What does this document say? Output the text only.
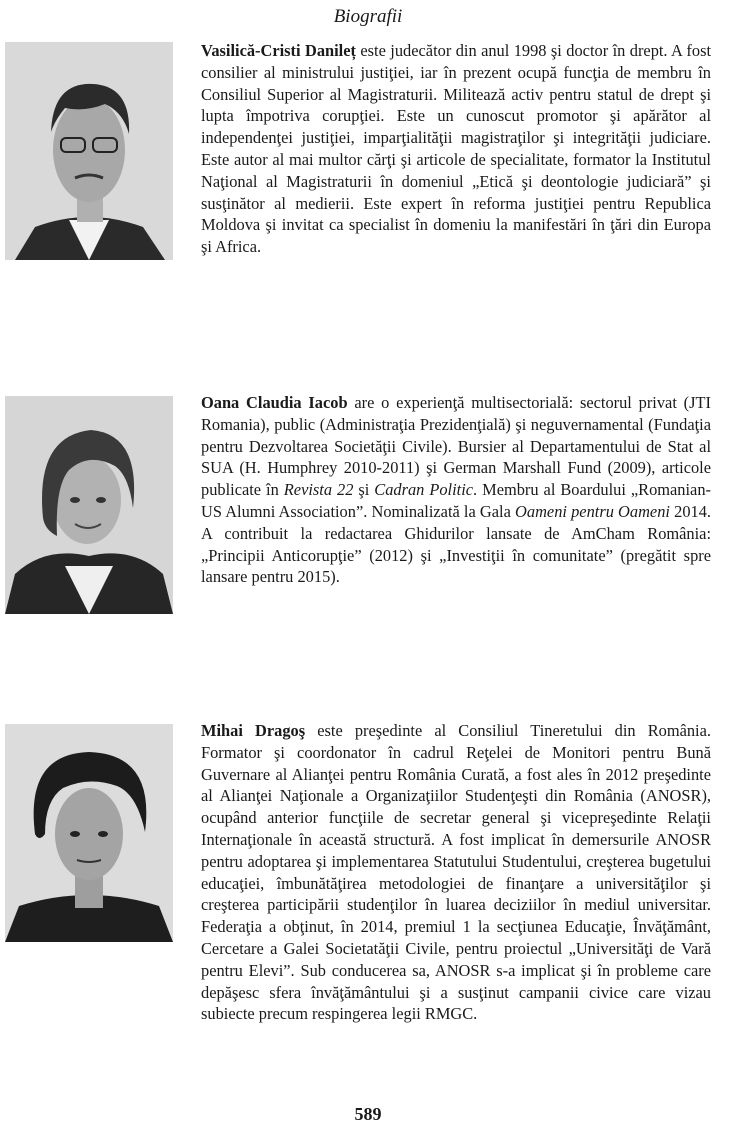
Biografii

Vasilică-Cristi Danileț este judecător din anul 1998 şi doctor în drept. A fost consilier al ministrului justiţiei, iar în prezent ocupă funcţia de membru în Consiliul Superior al Magistraturii. Militează activ pentru statul de drept şi lupta împotriva corupţiei. Este un cunoscut promotor şi apărător al independenţei justiţiei, imparţialităţii magistraţilor şi integrităţii judiciare. Este autor al mai multor cărţi şi articole de specialitate, formator la Institutul Naţional al Magistraturii în domeniul „Etică şi deontologie judiciară” şi susţinător al medierii. Este expert în reforma justiţiei pentru Republica Moldova şi invitat ca specialist în domeniu la manifestări în ţări din Europa şi Africa.

Oana Claudia Iacob are o experienţă multisectorială: sectorul privat (JTI Romania), public (Administraţia Prezidenţială) şi neguvernamental (Fundaţia pentru Dezvoltarea Societăţii Civile). Bursier al Departamentului de Stat al SUA (H. Humphrey 2010-2011) şi German Marshall Fund (2009), articole publicate în Revista 22 şi Cadran Politic. Membru al Boardului „Romanian-US Alumni Association”. Nominalizată la Gala Oameni pentru Oameni 2014. A contribuit la redactarea Ghidurilor lansate de AmCham România: „Principii Anticorupţie” (2012) şi „Investiţii în comunitate” (pregătit spre lansare pentru 2015).

Mihai Dragoş este preşedinte al Consiliul Tineretului din România. Formator şi coordonator în cadrul Reţelei de Monitori pentru Bună Guvernare al Alianţei pentru România Curată, a fost ales în 2012 preşedinte al Alianţei Naţionale a Organizaţiilor Studenţeşti din România (ANOSR), ocupând anterior funcţiile de secretar general şi vicepreşedinte Relaţii Internaţionale în această structură. A fost implicat în demersurile ANOSR pentru adoptarea şi implementarea Statutului Studentului, creşterea bugetului educaţiei, îmbunătăţirea metodologiei de finanţare a universităţilor şi creşterea participării studenţilor în luarea deciziilor în mediul universitar. Federaţia a obţinut, în 2014, premiul 1 la secţiunea Educaţie, Învăţământ, Cercetare a Galei Societatăţii Civile, pentru proiectul „Universităţi de Vară pentru Elevi”. Sub conducerea sa, ANOSR s-a implicat şi în probleme care depăşesc sfera învăţământului şi a susţinut campanii civice care vizau subiecte precum respingerea legii RMGC.

589
